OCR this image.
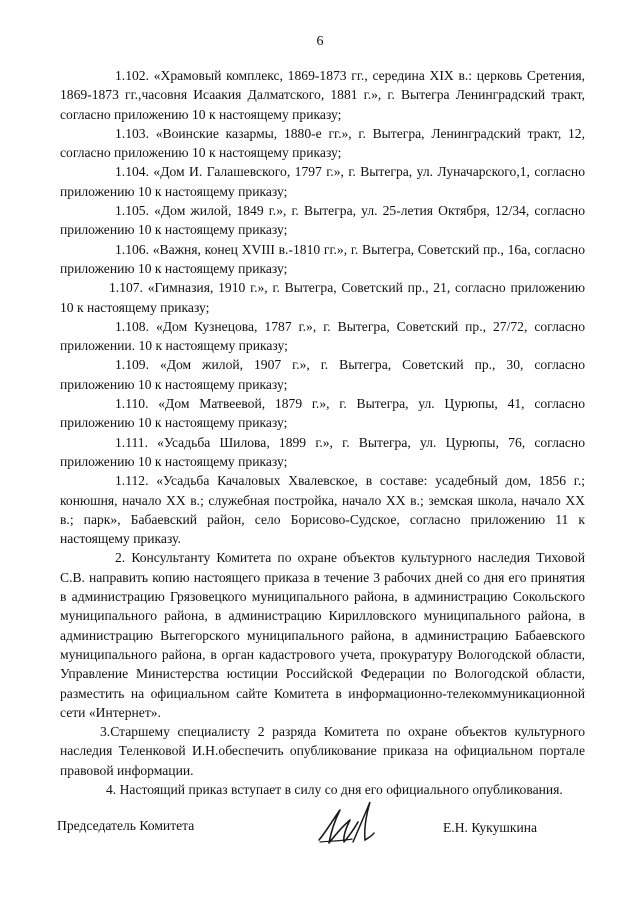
6

1.102. «Храмовый комплекс, 1869-1873 гг., середина XIX в.: церковь Сретения, 1869-1873 гг.,часовня Исаакия Далматского, 1881 г.», г. Вытегра Ленинградский тракт, согласно приложению 10 к настоящему приказу;

1.103. «Воинские казармы, 1880-е гг.», г. Вытегра, Ленинградский тракт, 12, согласно приложению 10 к настоящему приказу;

1.104. «Дом И. Галашевского, 1797 г.», г. Вытегра, ул. Луначарского,1, согласно приложению 10 к настоящему приказу;

1.105. «Дом жилой, 1849 г.», г. Вытегра, ул. 25-летия Октября, 12/34, согласно приложению 10 к настоящему приказу;

1.106. «Важня, конец XVIII в.-1810 гг.», г. Вытегра, Советский пр., 16а, согласно приложению 10 к настоящему приказу;

1.107. «Гимназия, 1910 г.», г. Вытегра, Советский пр., 21, согласно приложению 10 к настоящему приказу;

1.108. «Дом Кузнецова, 1787 г.», г. Вытегра, Советский пр., 27/72, согласно приложении. 10 к настоящему приказу;

1.109. «Дом жилой, 1907 г.», г. Вытегра, Советский пр., 30, согласно приложению 10 к настоящему приказу;

1.110. «Дом Матвеевой, 1879 г.», г. Вытегра, ул. Цурюпы, 41, согласно приложению 10 к настоящему приказу;

1.111. «Усадьба Шилова, 1899 г.», г. Вытегра, ул. Цурюпы, 76, согласно приложению 10 к настоящему приказу;

1.112. «Усадьба Качаловых Хвалевское, в составе: усадебный дом, 1856 г.; конюшня, начало XX в.; служебная постройка, начало XX в.; земская школа, начало XX в.; парк», Бабаевский район, село Борисово-Судское, согласно приложению 11 к настоящему приказу.

2. Консультанту Комитета по охране объектов культурного наследия Тиховой С.В. направить копию настоящего приказа в течение 3 рабочих дней со дня его принятия в администрацию Грязовецкого муниципального района, в администрацию Сокольского муниципального района, в администрацию Кирилловского муниципального района, в администрацию Вытегорского муниципального района, в администрацию Бабаевского муниципального района, в орган кадастрового учета, прокуратуру Вологодской области, Управление Министерства юстиции Российской Федерации по Вологодской области, разместить на официальном сайте Комитета в информационно-телекоммуникационной сети «Интернет».

3.Старшему специалисту 2 разряда Комитета по охране объектов культурного наследия Теленковой И.Н.обеспечить опубликование приказа на официальном портале правовой информации.

4. Настоящий приказ вступает в силу со дня его официального опубликования.

Председатель Комитета	Е.Н. Кукушкина
